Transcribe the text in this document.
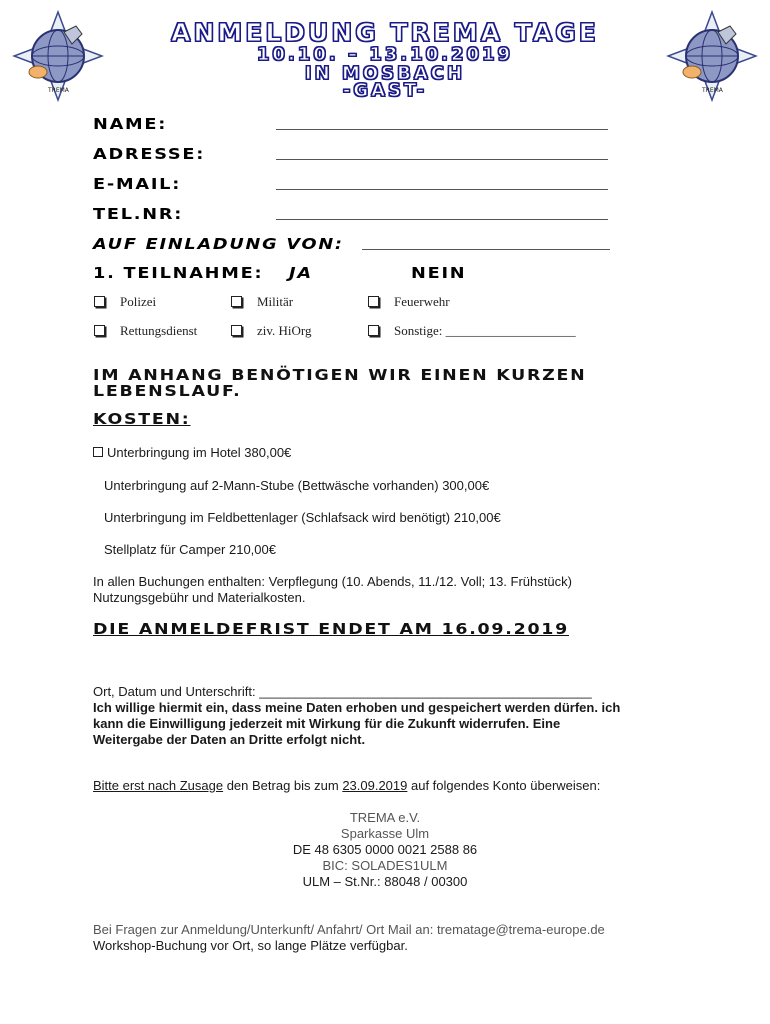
TREMA	TREMA
ANMELDUNG TREMA TAGE
10.10. – 13.10.2019
IN MOSBACH
-GAST-
NAME:
ADRESSE:
E-MAIL:
TEL.NR:
AUF EINLADUNG VON:
1. TEILNAHME: JA	NEIN
Polizei	Militär	Feuerwehr
Rettungsdienst	ziv. HiOrg	Sonstige: ____________________
IM ANHANG BENÖTIGEN WIR EINEN KURZEN LEBENSLAUF.
KOSTEN:
Unterbringung im Hotel 380,00€
Unterbringung auf 2-Mann-Stube (Bettwäsche vorhanden) 300,00€
Unterbringung im Feldbettenlager (Schlafsack wird benötigt) 210,00€
Stellplatz für Camper 210,00€
In allen Buchungen enthalten: Verpflegung (10. Abends, 11./12. Voll; 13. Frühstück)
Nutzungsgebühr und Materialkosten.
DIE ANMELDEFRIST ENDET AM 16.09.2019
Ort, Datum und Unterschrift: ______________________________________________
Ich willige hiermit ein, dass meine Daten erhoben und gespeichert werden dürfen. ich
kann die Einwilligung jederzeit mit Wirkung für die Zukunft widerrufen. Eine
Weitergabe der Daten an Dritte erfolgt nicht.
Bitte erst nach Zusage den Betrag bis zum 23.09.2019 auf folgendes Konto überweisen:
TREMA e.V.
Sparkasse Ulm
DE 48 6305 0000 0021 2588 86
BIC: SOLADES1ULM
ULM – St.Nr.: 88048 / 00300
Bei Fragen zur Anmeldung/Unterkunft/ Anfahrt/ Ort Mail an: trematage@trema-europe.de
Workshop-Buchung vor Ort, so lange Plätze verfügbar.
